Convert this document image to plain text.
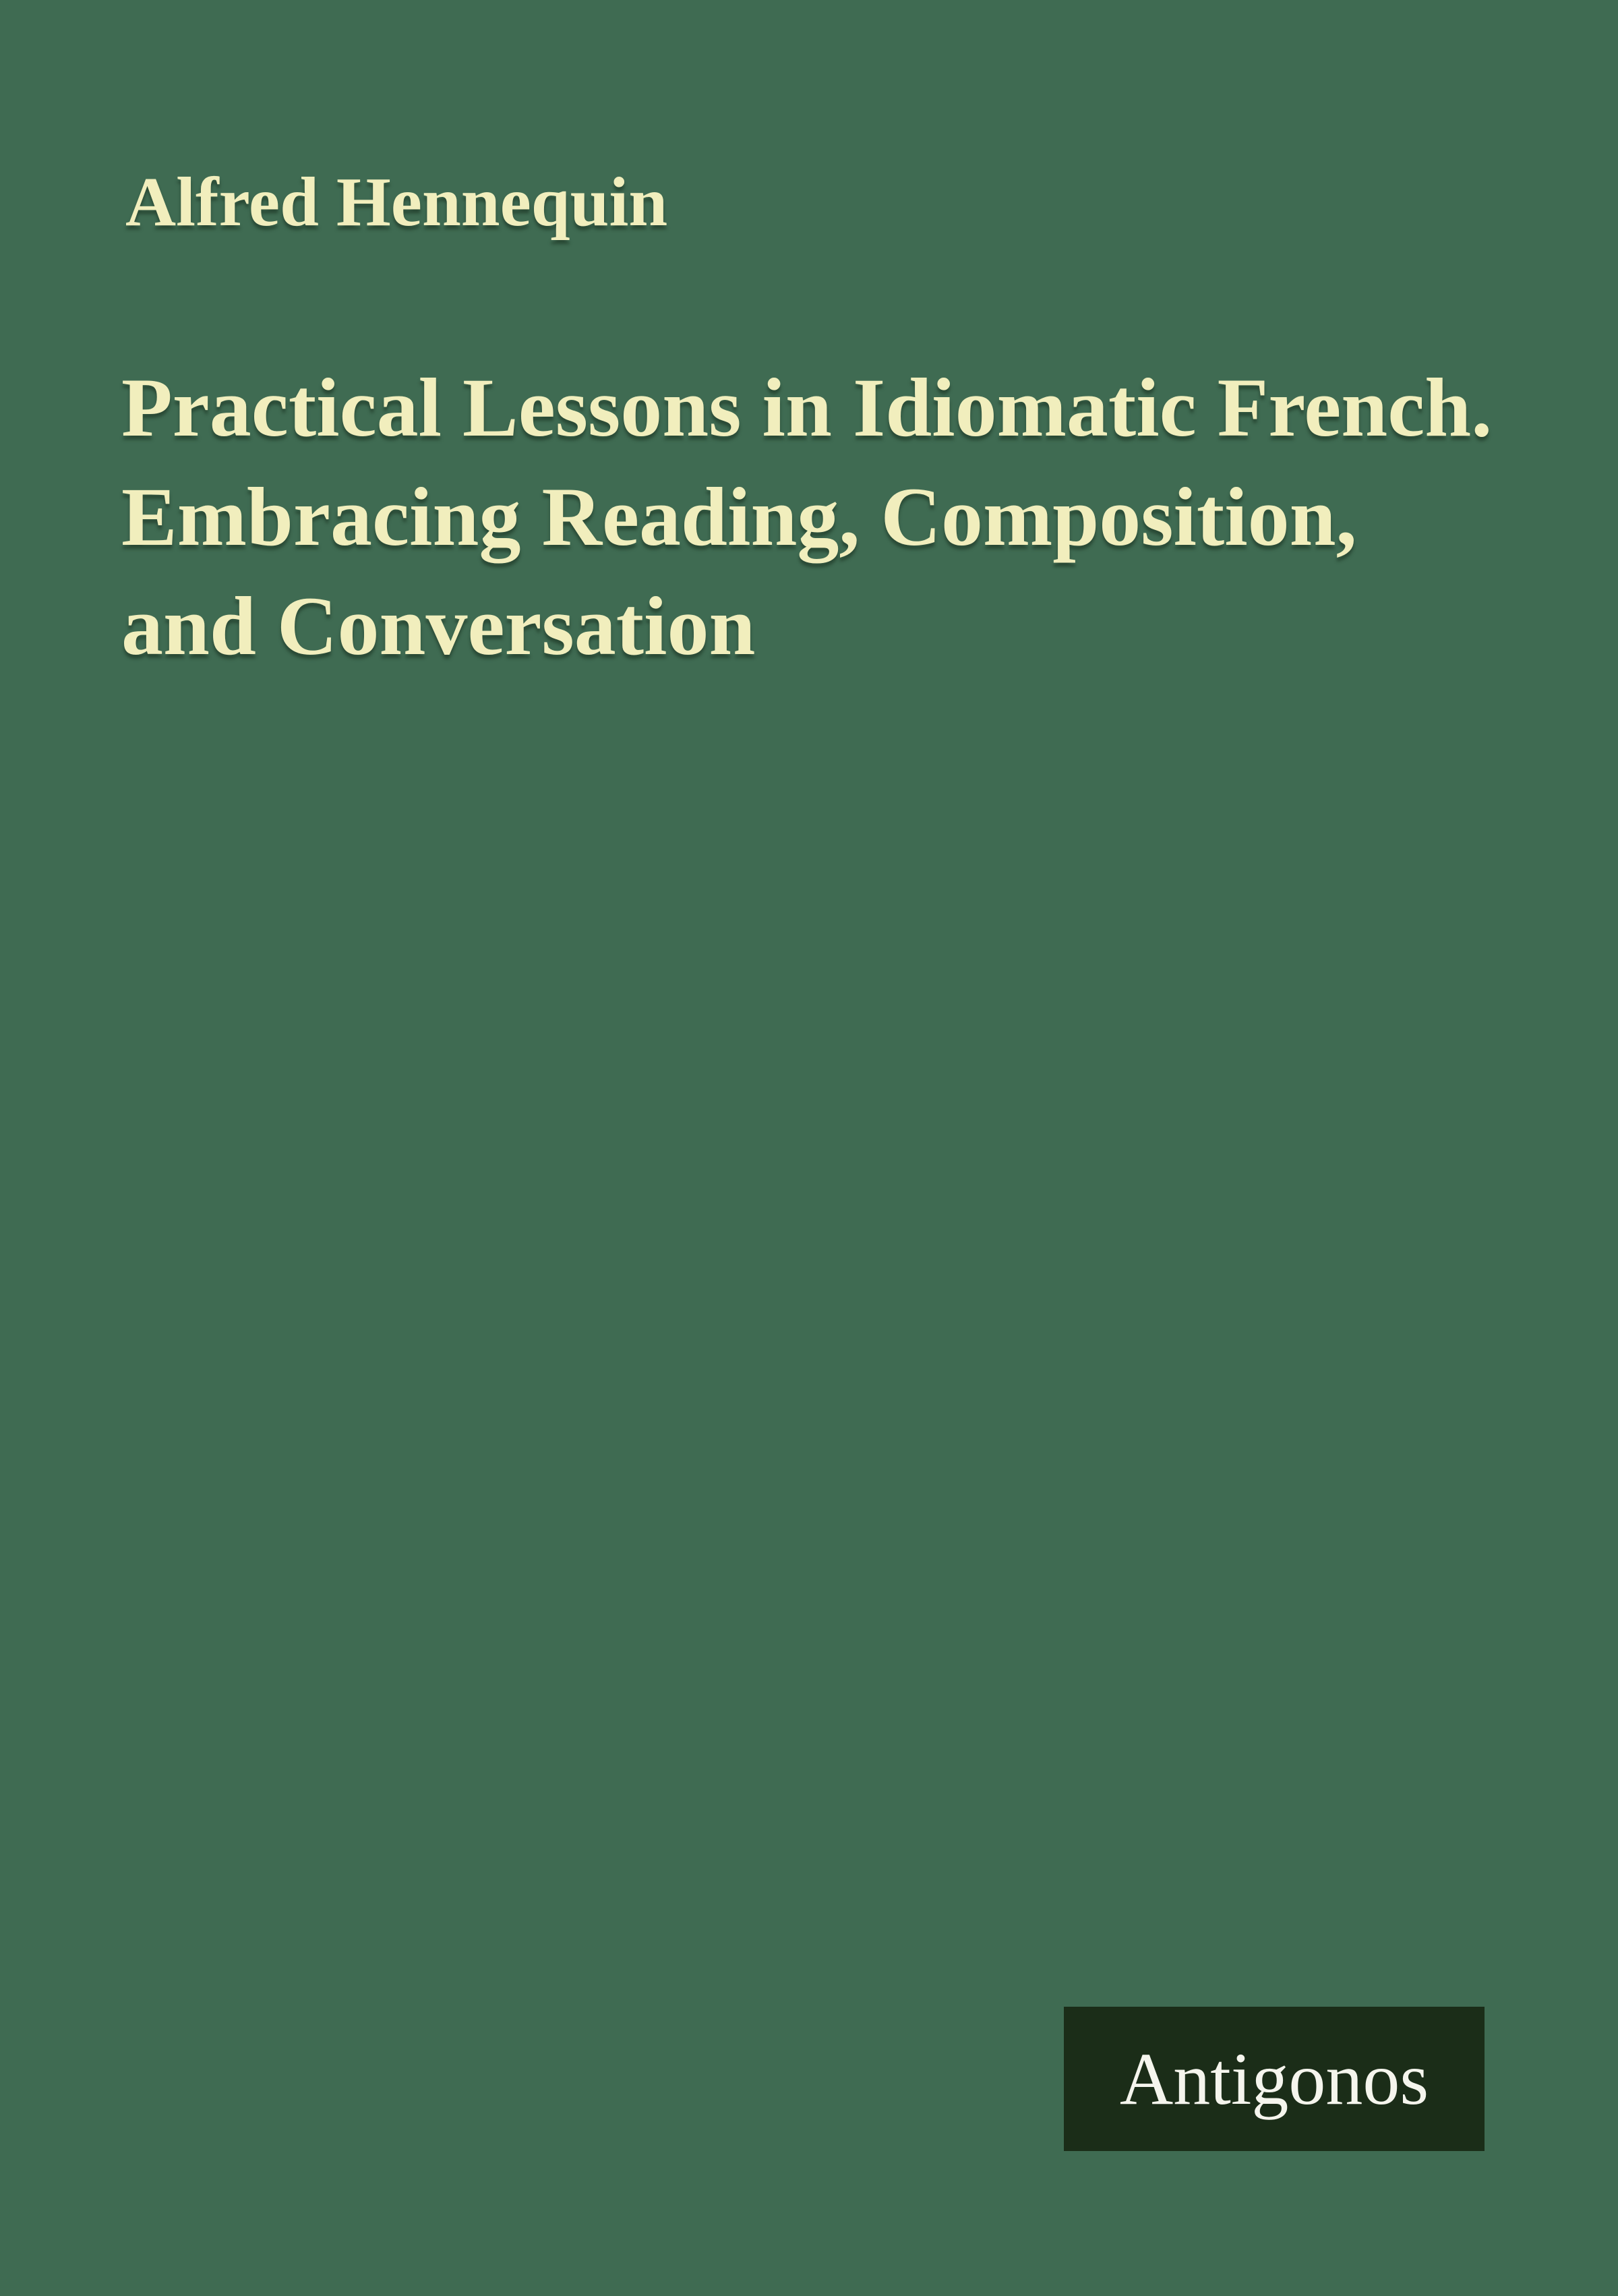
Alfred Hennequin
Practical Lessons in Idiomatic French.
Embracing Reading, Composition,
and Conversation
Antigonos
